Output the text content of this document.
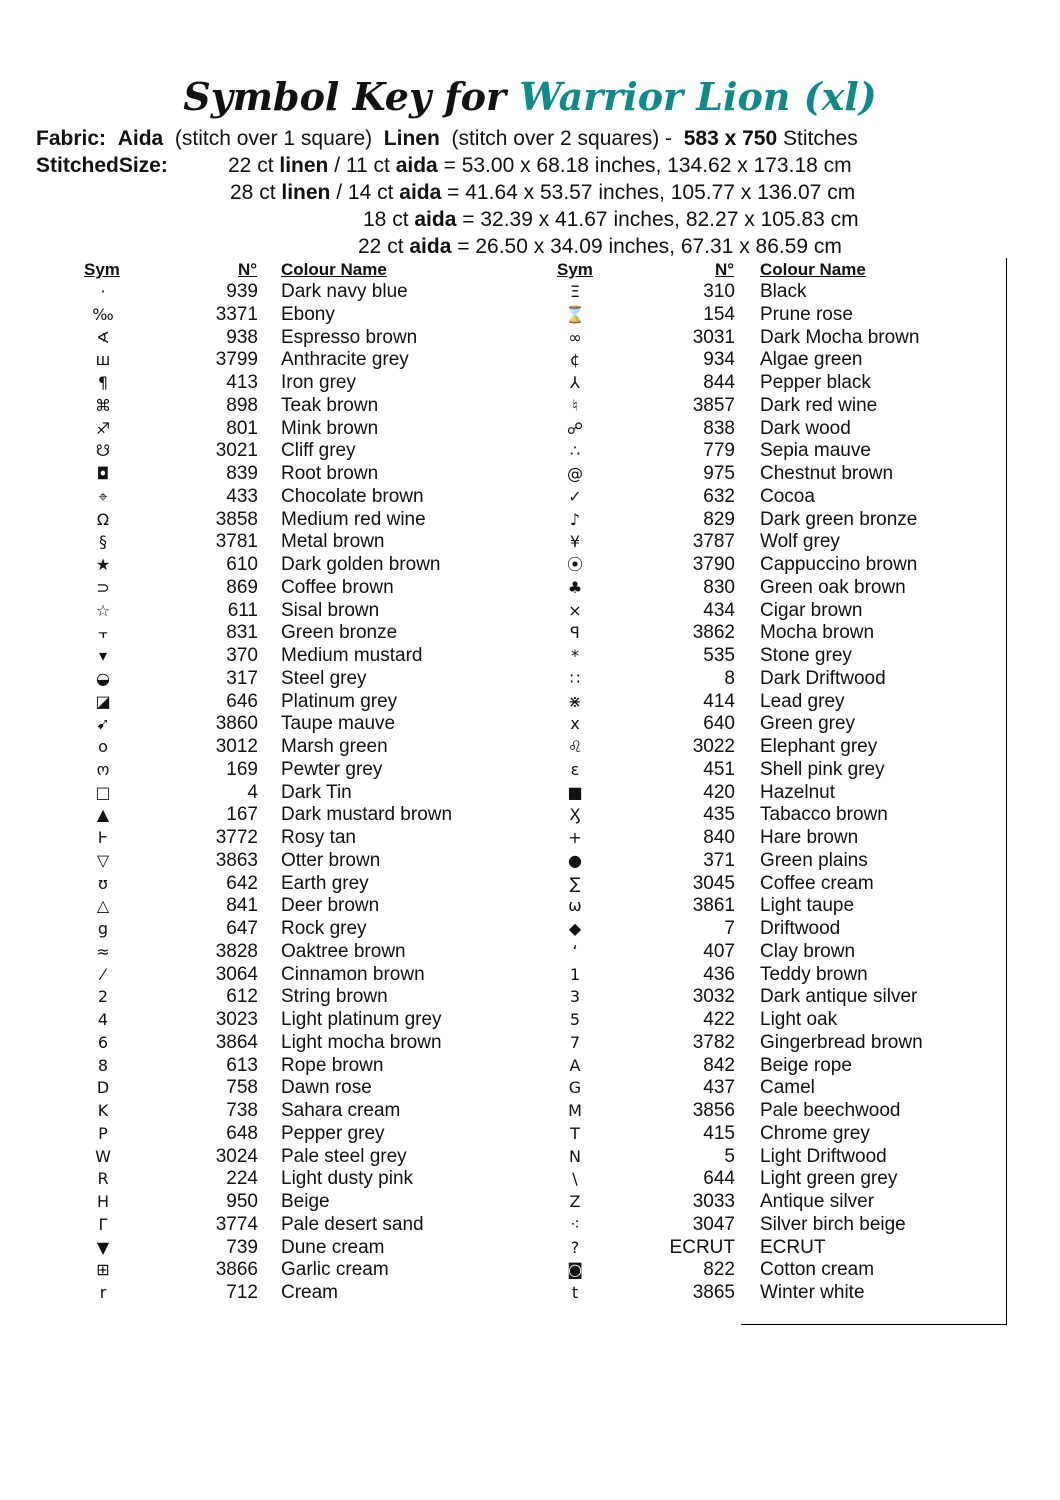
Symbol Key for Warrior Lion (xl)
Fabric: Aida (stitch over 1 square) Linen (stitch over 2 squares) - 583 x 750 Stitches
StitchedSize:	22 ct linen / 11 ct aida = 53.00 x 68.18 inches, 134.62 x 173.18 cm
28 ct linen / 14 ct aida = 41.64 x 53.57 inches, 105.77 x 136.07 cm
18 ct aida = 32.39 x 41.67 inches, 82.27 x 105.83 cm
22 ct aida = 26.50 x 34.09 inches, 67.31 x 86.59 cm
Sym	N° Colour Name	Sym	N° Colour Name
·	939 Dark navy blue
‰	3371 Ebony
∢	938 Espresso brown
ш	3799 Anthracite grey
¶	413 Iron grey
⌘	898 Teak brown
♐	801 Mink brown
☋	3021 Cliff grey
◘	839 Root brown
⌖	433 Chocolate brown
Ω	3858 Medium red wine
§	3781 Metal brown
★	610 Dark golden brown
⊃	869 Coffee brown
☆	611 Sisal brown
⫟	831 Green bronze
▾	370 Medium mustard
◒	317 Steel grey
◪	646 Platinum grey
➹	3860 Taupe mauve
o	3012 Marsh green
ო	169 Pewter grey
□	4 Dark Tin
▲	167 Dark mustard brown
Ͱ	3772 Rosy tan
▽	3863 Otter brown
ʊ	642 Earth grey
△	841 Deer brown
g	647 Rock grey
≈	3828 Oaktree brown
⁄	3064 Cinnamon brown
2	612 String brown
4	3023 Light platinum grey
6	3864 Light mocha brown
8	613 Rope brown
D	758 Dawn rose
K	738 Sahara cream
P	648 Pepper grey
W	3024 Pale steel grey
R	224 Light dusty pink
H	950 Beige
Γ	3774 Pale desert sand
▼	739 Dune cream
⊞	3866 Garlic cream
r	712 Cream
Ξ	310 Black
⌛	154 Prune rose
∞	3031 Dark Mocha brown
¢	934 Algae green
⅄	844 Pepper black
♮	3857 Dark red wine
☍	838 Dark wood
∴	779 Sepia mauve
@	975 Chestnut brown
✓	632 Cocoa
♪	829 Dark green bronze
¥	3787 Wolf grey
⦿	3790 Cappuccino brown
♣	830 Green oak brown
⨯	434 Cigar brown
ꟼ	3862 Mocha brown
*	535 Stone grey
∷	8 Dark Driftwood
⋇	414 Lead grey
x	640 Green grey
♌	3022 Elephant grey
ε	451 Shell pink grey
■	420 Hazelnut
Ӽ	435 Tabacco brown
+	840 Hare brown
●	371 Green plains
∑	3045 Coffee cream
ω	3861 Light taupe
◆	7 Driftwood
ʻ	407 Clay brown
1	436 Teddy brown
3	3032 Dark antique silver
5	422 Light oak
7	3782 Gingerbread brown
A	842 Beige rope
G	437 Camel
M	3856 Pale beechwood
T	415 Chrome grey
N	5 Light Driftwood
\	644 Light green grey
Z	3033 Antique silver
⁖	3047 Silver birch beige
?	ECRUT ECRUT
◙	822 Cotton cream
t	3865 Winter white
